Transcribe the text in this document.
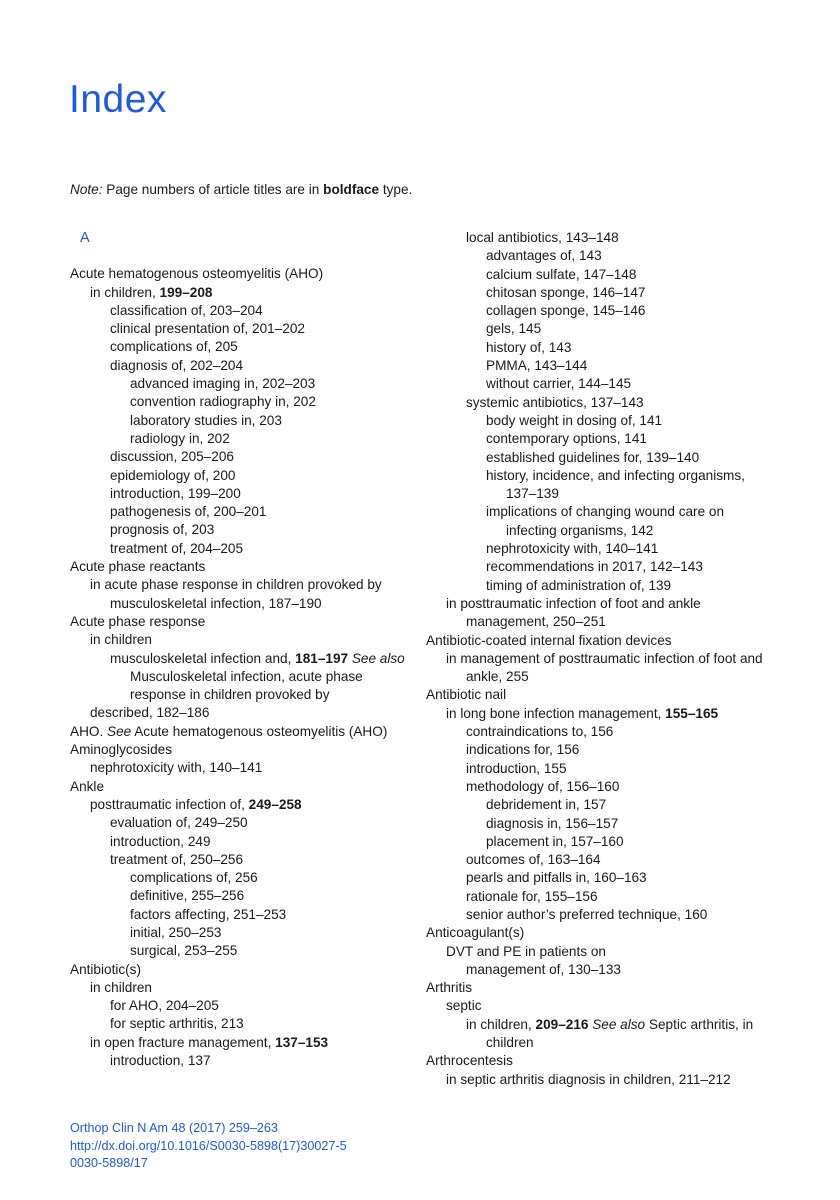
Index
Note: Page numbers of article titles are in boldface type.
A
Acute hematogenous osteomyelitis (AHO)
in children, 199–208
classification of, 203–204
clinical presentation of, 201–202
complications of, 205
diagnosis of, 202–204
advanced imaging in, 202–203
convention radiography in, 202
laboratory studies in, 203
radiology in, 202
discussion, 205–206
epidemiology of, 200
introduction, 199–200
pathogenesis of, 200–201
prognosis of, 203
treatment of, 204–205
Acute phase reactants
in acute phase response in children provoked by musculoskeletal infection, 187–190
Acute phase response
in children
musculoskeletal infection and, 181–197 See also Musculoskeletal infection, acute phase response in children provoked by
described, 182–186
AHO. See Acute hematogenous osteomyelitis (AHO)
Aminoglycosides
nephrotoxicity with, 140–141
Ankle
posttraumatic infection of, 249–258
evaluation of, 249–250
introduction, 249
treatment of, 250–256
complications of, 256
definitive, 255–256
factors affecting, 251–253
initial, 250–253
surgical, 253–255
Antibiotic(s)
in children
for AHO, 204–205
for septic arthritis, 213
in open fracture management, 137–153
introduction, 137
local antibiotics, 143–148
advantages of, 143
calcium sulfate, 147–148
chitosan sponge, 146–147
collagen sponge, 145–146
gels, 145
history of, 143
PMMA, 143–144
without carrier, 144–145
systemic antibiotics, 137–143
body weight in dosing of, 141
contemporary options, 141
established guidelines for, 139–140
history, incidence, and infecting organisms, 137–139
implications of changing wound care on infecting organisms, 142
nephrotoxicity with, 140–141
recommendations in 2017, 142–143
timing of administration of, 139
in posttraumatic infection of foot and ankle management, 250–251
Antibiotic-coated internal fixation devices
in management of posttraumatic infection of foot and ankle, 255
Antibiotic nail
in long bone infection management, 155–165
contraindications to, 156
indications for, 156
introduction, 155
methodology of, 156–160
debridement in, 157
diagnosis in, 156–157
placement in, 157–160
outcomes of, 163–164
pearls and pitfalls in, 160–163
rationale for, 155–156
senior author’s preferred technique, 160
Anticoagulant(s)
DVT and PE in patients on
management of, 130–133
Arthritis
septic
in children, 209–216 See also Septic arthritis, in children
Arthrocentesis
in septic arthritis diagnosis in children, 211–212
Orthop Clin N Am 48 (2017) 259–263
http://dx.doi.org/10.1016/S0030-5898(17)30027-5
0030-5898/17
